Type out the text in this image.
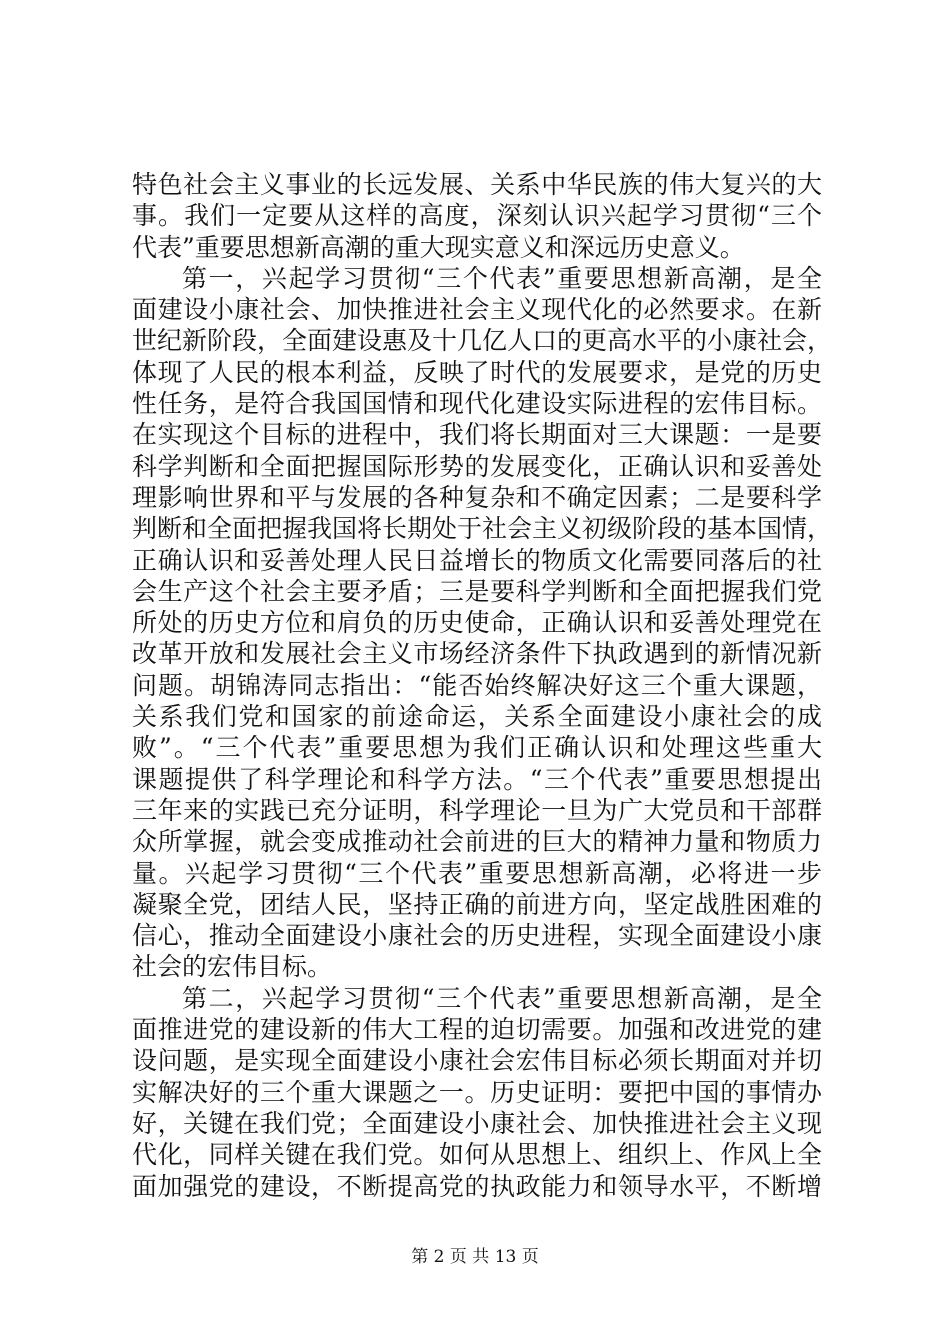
特色社会主义事业的长远发展、关系中华民族的伟大复兴的大
事。我们一定要从这样的高度，深刻认识兴起学习贯彻“三个
代表”重要思想新高潮的重大现实意义和深远历史意义。
第一，兴起学习贯彻“三个代表”重要思想新高潮，是全
面建设小康社会、加快推进社会主义现代化的必然要求。在新
世纪新阶段，全面建设惠及十几亿人口的更高水平的小康社会，
体现了人民的根本利益，反映了时代的发展要求，是党的历史
性任务，是符合我国国情和现代化建设实际进程的宏伟目标。
在实现这个目标的进程中，我们将长期面对三大课题：一是要
科学判断和全面把握国际形势的发展变化，正确认识和妥善处
理影响世界和平与发展的各种复杂和不确定因素；二是要科学
判断和全面把握我国将长期处于社会主义初级阶段的基本国情，
正确认识和妥善处理人民日益增长的物质文化需要同落后的社
会生产这个社会主要矛盾；三是要科学判断和全面把握我们党
所处的历史方位和肩负的历史使命，正确认识和妥善处理党在
改革开放和发展社会主义市场经济条件下执政遇到的新情况新
问题。胡锦涛同志指出：“能否始终解决好这三个重大课题，
关系我们党和国家的前途命运，关系全面建设小康社会的成
败”。“三个代表”重要思想为我们正确认识和处理这些重大
课题提供了科学理论和科学方法。“三个代表”重要思想提出
三年来的实践已充分证明，科学理论一旦为广大党员和干部群
众所掌握，就会变成推动社会前进的巨大的精神力量和物质力
量。兴起学习贯彻“三个代表”重要思想新高潮，必将进一步
凝聚全党，团结人民，坚持正确的前进方向，坚定战胜困难的
信心，推动全面建设小康社会的历史进程，实现全面建设小康
社会的宏伟目标。
第二，兴起学习贯彻“三个代表”重要思想新高潮，是全
面推进党的建设新的伟大工程的迫切需要。加强和改进党的建
设问题，是实现全面建设小康社会宏伟目标必须长期面对并切
实解决好的三个重大课题之一。历史证明：要把中国的事情办
好，关键在我们党；全面建设小康社会、加快推进社会主义现
代化，同样关键在我们党。如何从思想上、组织上、作风上全
面加强党的建设，不断提高党的执政能力和领导水平，不断增
第 2 页 共 13 页
